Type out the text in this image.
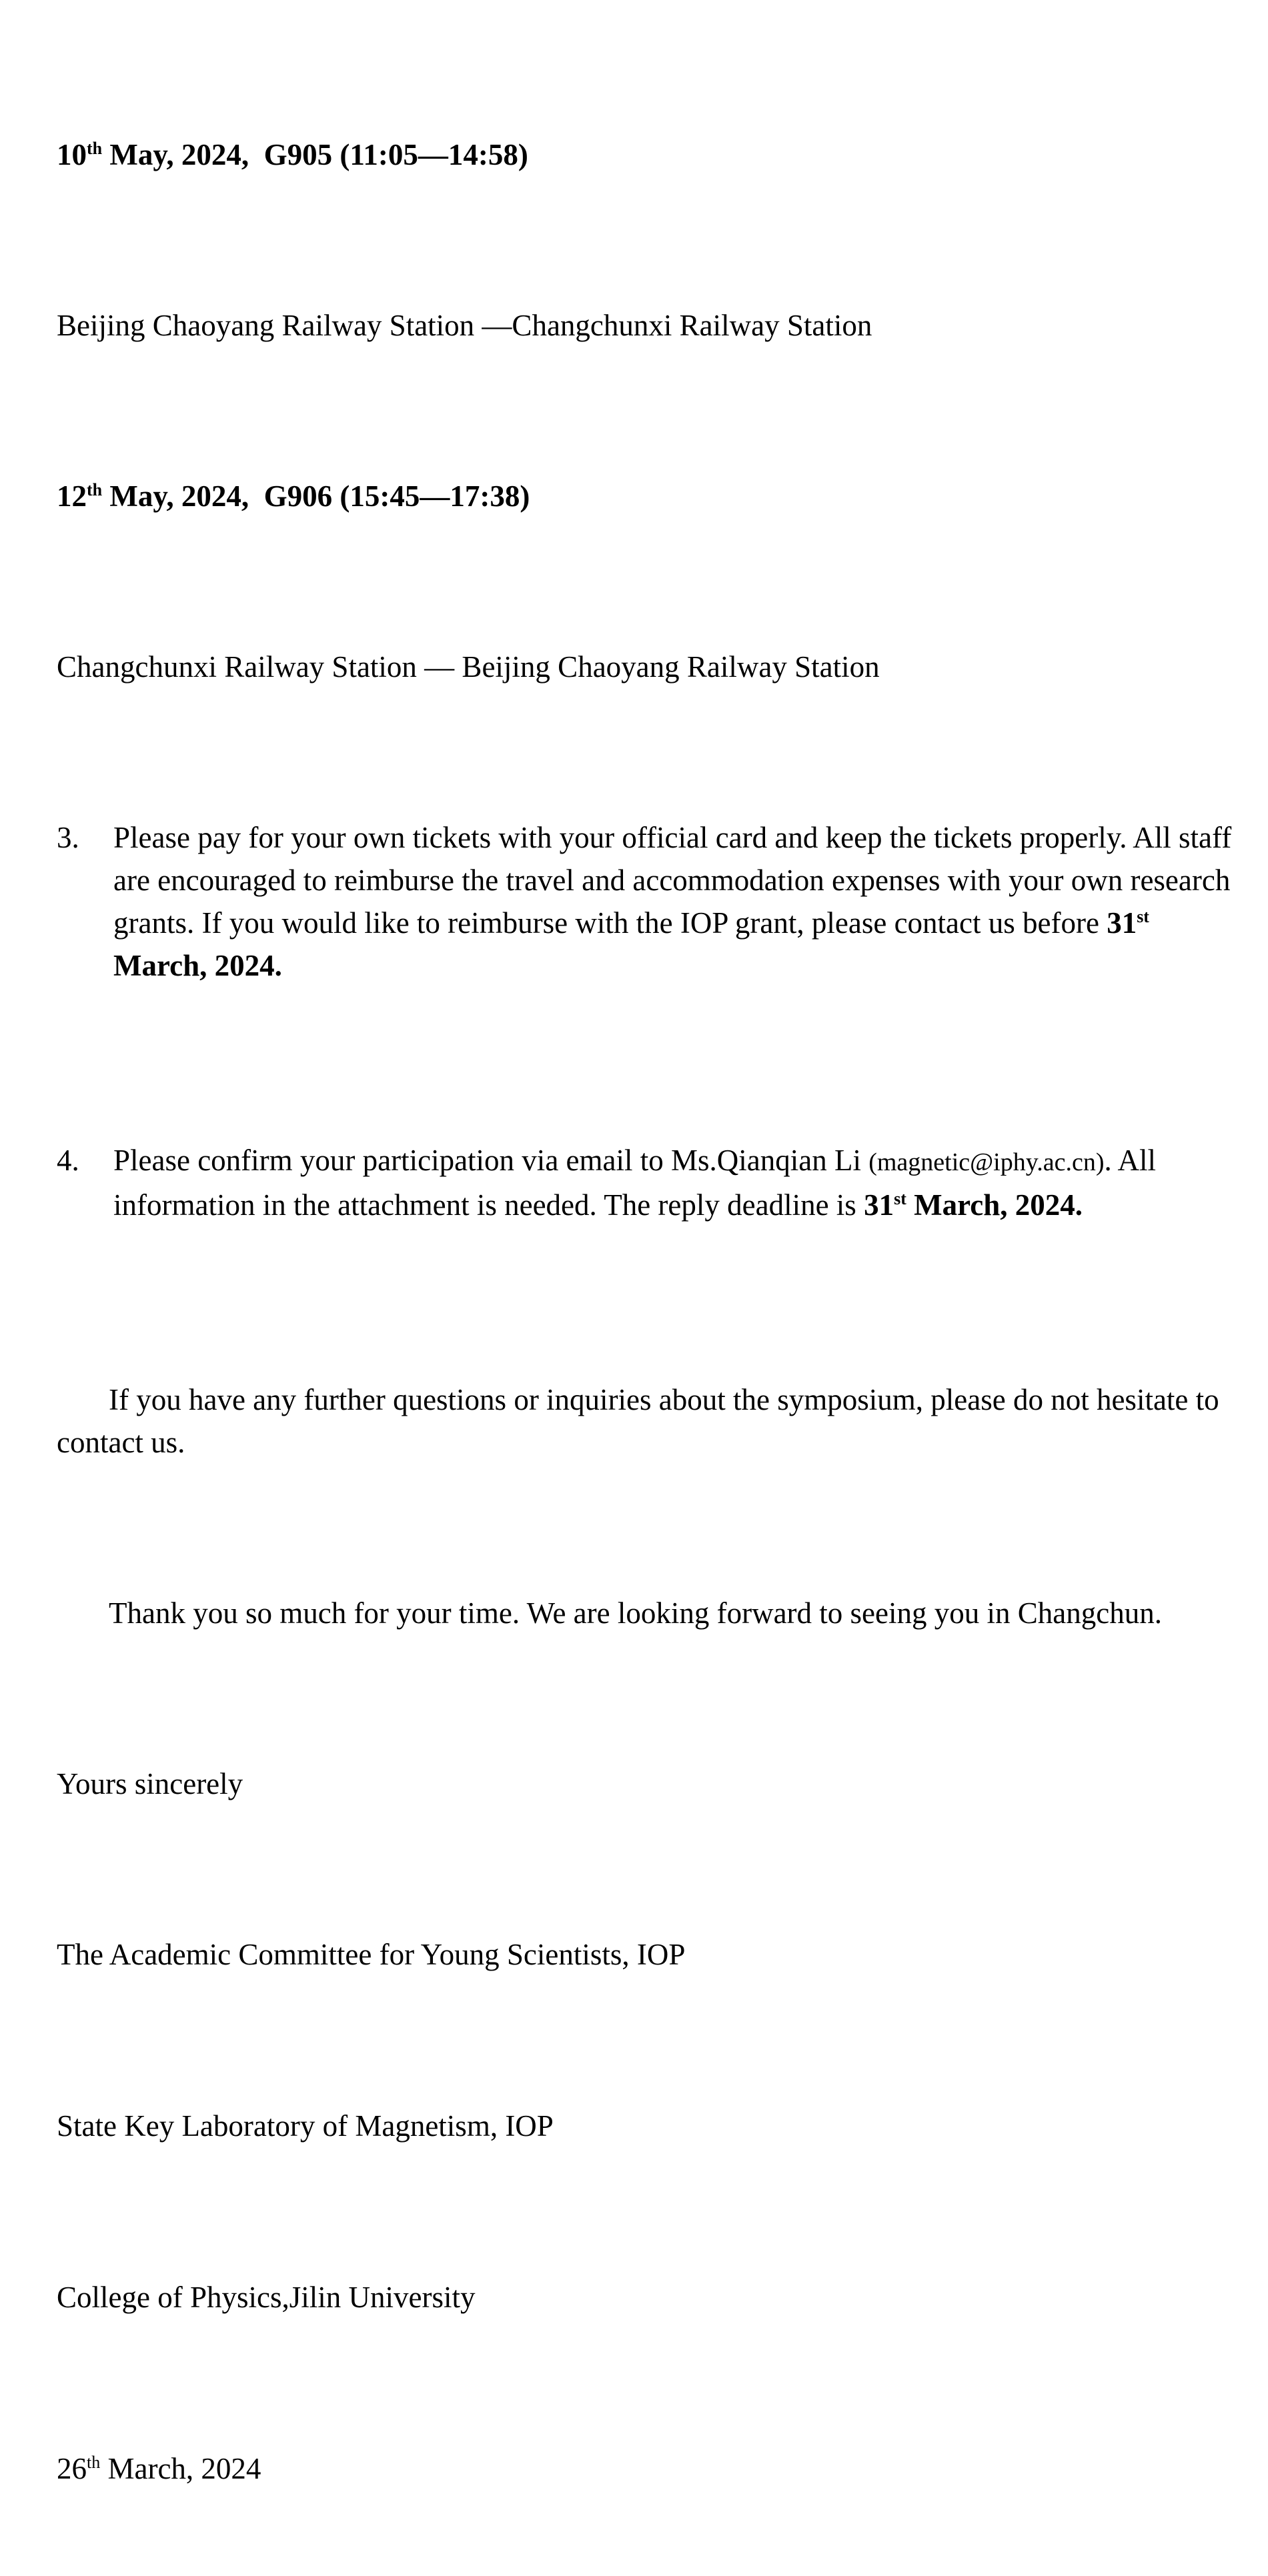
10th May, 2024,  G905 (11:05—14:58)

Beijing Chaoyang Railway Station —Changchunxi Railway Station

12th May, 2024,  G906 (15:45—17:38)

Changchunxi Railway Station — Beijing Chaoyang Railway Station

3.	Please pay for your own tickets with your official card and keep the tickets properly. All staff are encouraged to reimburse the travel and accommodation expenses with your own research grants. If you would like to reimburse with the IOP grant, please contact us before 31st March, 2024.

4.	Please confirm your participation via email to Ms.Qianqian Li (magnetic@iphy.ac.cn). All information in the attachment is needed. The reply deadline is 31st March, 2024.

If you have any further questions or inquiries about the symposium, please do not hesitate to contact us.

Thank you so much for your time. We are looking forward to seeing you in Changchun.

Yours sincerely

The Academic Committee for Young Scientists, IOP

State Key Laboratory of Magnetism, IOP

College of Physics,Jilin University

26th March, 2024
